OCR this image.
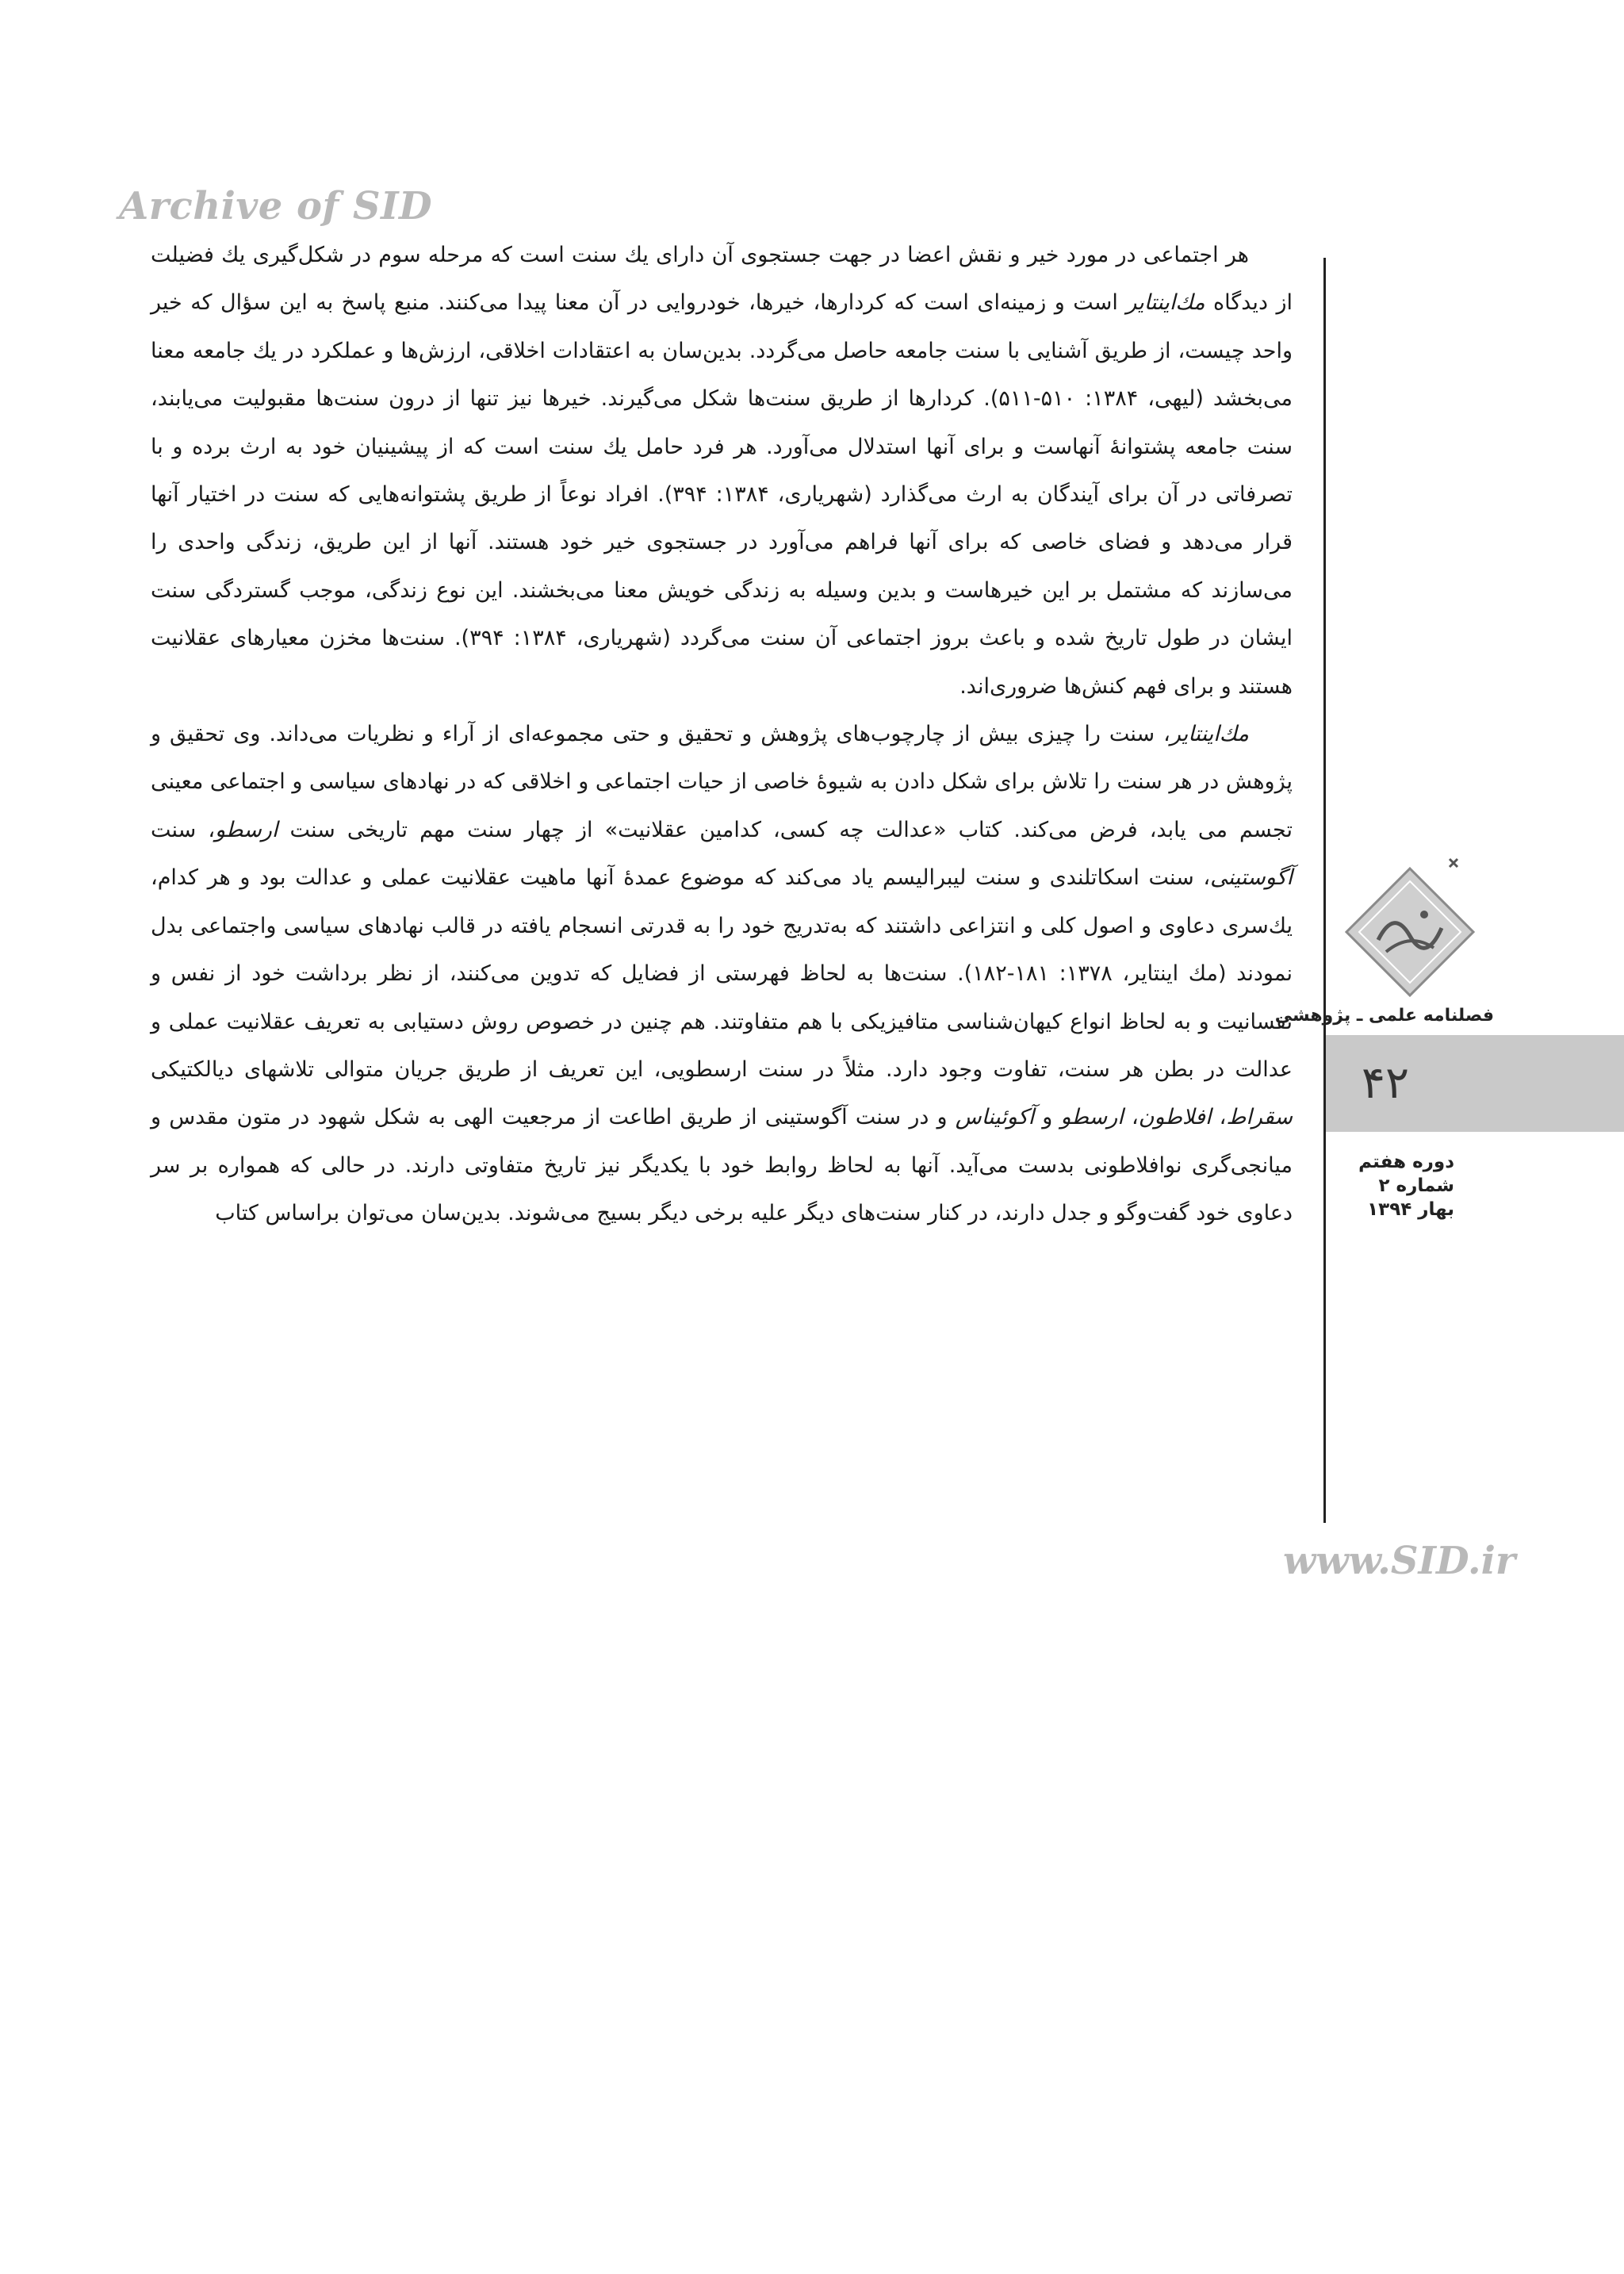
Archive of SID

هر اجتماعی در مورد خیر و نقش اعضا در جهت جستجوی آن دارای یك سنت است كه مرحله سوم در شكل‌گیری یك فضیلت از دیدگاه مك‌اینتایر است و زمینه‌ای است كه كردارها، خیرها، خودروایی در آن معنا پیدا می‌كنند. منبع پاسخ به این سؤال كه خیر واحد چیست، از طریق آشنایی با سنت جامعه حاصل می‌گردد. بدین‌سان به اعتقادات اخلاقی، ارزش‌ها و عملكرد در یك جامعه معنا می‌بخشد (لیهی، ۱۳۸۴: ۵۱۰-۵۱۱). كردارها از طریق سنت‌ها شكل می‌گیرند. خیرها نیز تنها از درون سنت‌ها مقبولیت می‌یابند، سنت جامعه پشتوانهٔ آنهاست و برای آنها استدلال می‌آورد. هر فرد حامل یك سنت است كه از پیشینیان خود به ارث برده و با تصرفاتی در آن برای آیندگان به ارث می‌گذارد (شهریاری، ۱۳۸۴: ۳۹۴). افراد نوعاً از طریق پشتوانه‌هایی كه سنت در اختیار آنها قرار می‌دهد و فضای خاصی كه برای آنها فراهم می‌آورد در جستجوی خیر خود هستند. آنها از این طریق، زندگی واحدی را می‌سازند كه مشتمل بر این خیرهاست و بدین وسیله به زندگی خویش معنا می‌بخشند. این نوع زندگی، موجب گستردگی سنت ایشان در طول تاریخ شده و باعث بروز اجتماعی آن سنت می‌گردد (شهریاری، ۱۳۸۴: ۳۹۴). سنت‌ها مخزن معیارهای عقلانیت هستند و برای فهم كنش‌ها ضروری‌اند.

مك‌اینتایر، سنت را چیزی بیش از چارچوب‌های پژوهش و تحقیق و حتی مجموعه‌ای از آراء و نظریات می‌داند. وی تحقیق و پژوهش در هر سنت را تلاش برای شكل دادن به شیوهٔ خاصی از حیات اجتماعی و اخلاقی كه در نهادهای سیاسی و اجتماعی معینی تجسم می یابد، فرض می‌كند. كتاب «عدالت چه كسی، كدامین عقلانیت» از چهار سنت مهم تاریخی سنت ارسطو، سنت آگوستینی، سنت اسكاتلندی و سنت لیبرالیسم یاد می‌كند كه موضوع عمدهٔ آنها ماهیت عقلانیت عملی و عدالت بود و هر كدام، یك‌سری دعاوی و اصول كلی و انتزاعی داشتند كه به‌تدریج خود را به قدرتی انسجام یافته در قالب نهادهای سیاسی واجتماعی بدل نمودند (مك اینتایر، ۱۳۷۸: ۱۸۱-۱۸۲). سنت‌ها به لحاظ فهرستی از فضایل كه تدوین می‌كنند، از نظر برداشت خود از نفس و نفسانیت و به لحاظ انواع كیهان‌شناسی متافیزیكی با هم متفاوتند. هم چنین در خصوص روش دستیابی به تعریف عقلانیت عملی و عدالت در بطن هر سنت، تفاوت وجود دارد. مثلاً در سنت ارسطویی، این تعریف از طریق جریان متوالی تلاشهای دیالكتیكی سقراط، افلاطون، ارسطو و آكوئیناس و در سنت آگوستینی از طریق اطاعت از مرجعیت الهی به شكل شهود در متون مقدس و میانجی‌گری نوافلاطونی بدست می‌آید. آنها به لحاظ روابط خود با یكدیگر نیز تاریخ متفاوتی دارند. در حالی كه همواره بر سر دعاوی خود گفت‌وگو و جدل دارند، در كنار سنت‌های دیگر علیه برخی دیگر بسیج می‌شوند. بدین‌سان می‌توان براساس كتاب

فصلنامه علمی ـ پژوهشی
۴۲
دوره هفتم
شماره ۲
بهار ۱۳۹۴
www.SID.ir
